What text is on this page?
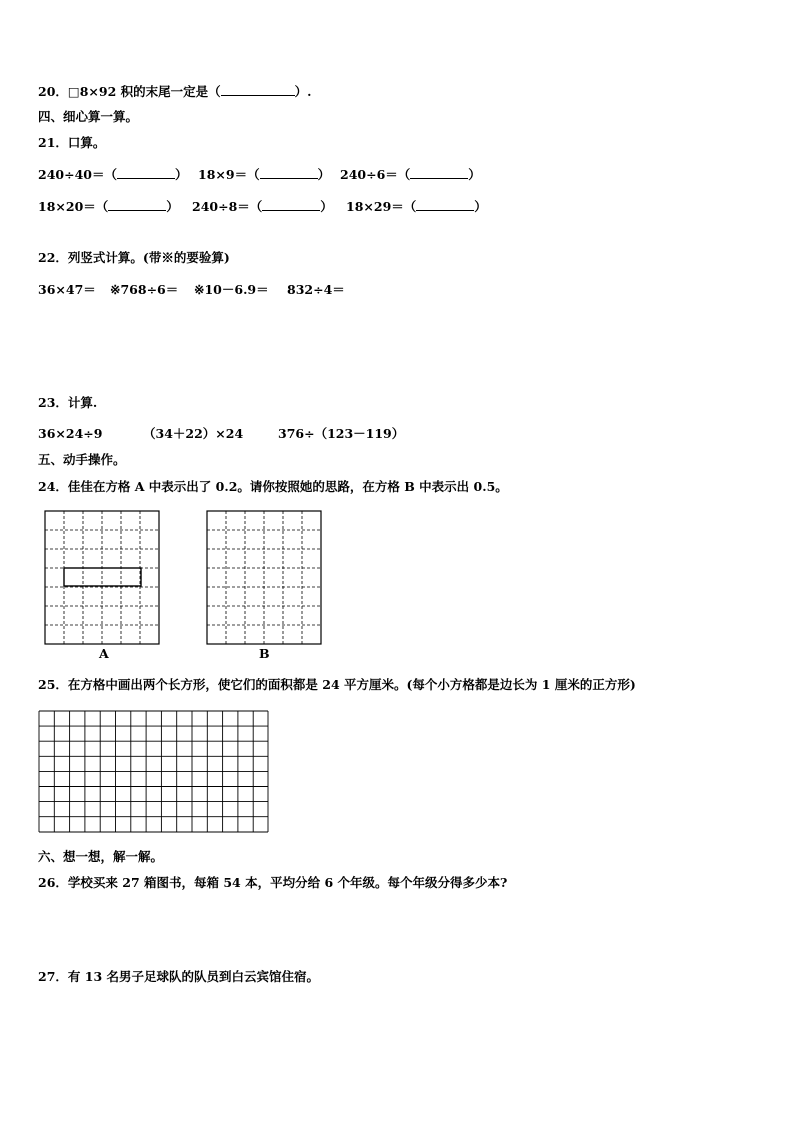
20．□8×92 积的末尾一定是（	）.
四、细心算一算。
21．口算。
240÷40＝（	） 18×9＝（	） 240÷6＝（	）
18×20＝（	） 240÷8＝（	） 18×29＝（	）
22．列竖式计算。(带※的要验算)
36×47＝ ※768÷6＝ ※10－6.9＝ 832÷4＝
23．计算.
36×24÷9	（34＋22）×24	376÷（123－119）
五、动手操作。
24．佳佳在方格 A 中表示出了 0.2。请你按照她的思路，在方格 B 中表示出 0.5。
A	B
25．在方格中画出两个长方形，使它们的面积都是 24 平方厘米。(每个小方格都是边长为 1 厘米的正方形)
六、想一想，解一解。
26．学校买来 27 箱图书，每箱 54 本，平均分给 6 个年级。每个年级分得多少本?
27．有 13 名男子足球队的队员到白云宾馆住宿。
